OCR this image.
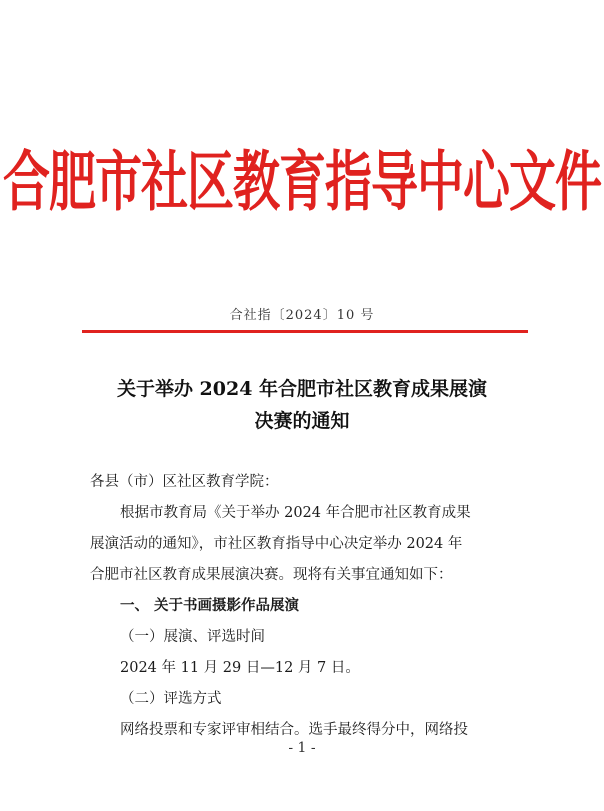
合肥市社区教育指导中心文件
合社指〔2024〕10 号
关于举办 2024 年合肥市社区教育成果展演
决赛的通知
各县（市）区社区教育学院：
根据市教育局《关于举办 2024 年合肥市社区教育成果
展演活动的通知》，市社区教育指导中心决定举办 2024 年
合肥市社区教育成果展演决赛。现将有关事宜通知如下：
一、 关于书画摄影作品展演
（一）展演、评选时间
2024 年 11 月 29 日—12 月 7 日。
（二）评选方式
网络投票和专家评审相结合。选手最终得分中，网络投
- 1 -
